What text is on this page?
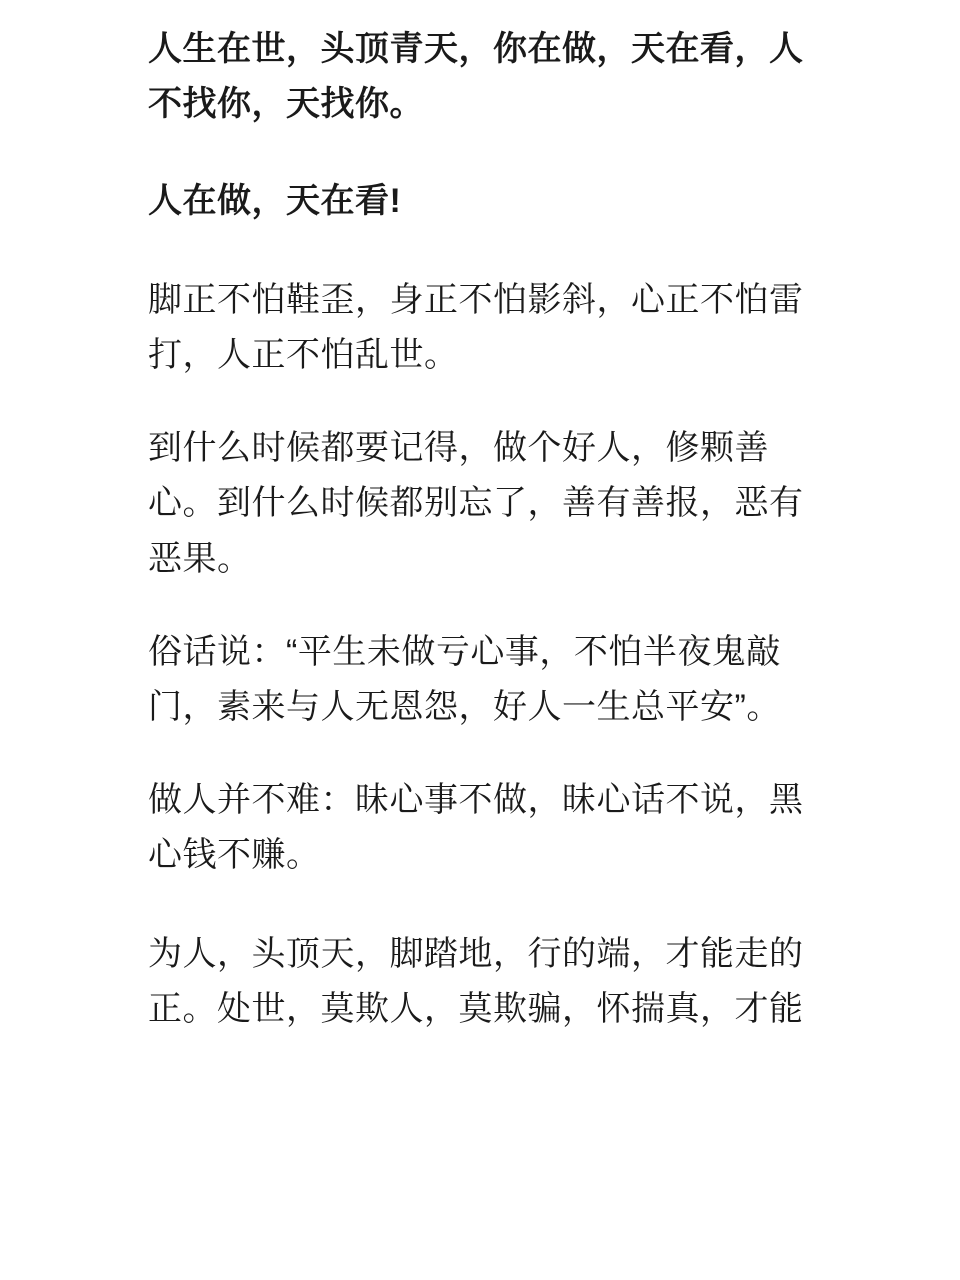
人生在世，头顶青天，你在做，天在看，人不找你，天找你。

人在做，天在看!

脚正不怕鞋歪，身正不怕影斜，心正不怕雷打，人正不怕乱世。

到什么时候都要记得，做个好人，修颗善心。到什么时候都别忘了，善有善报，恶有恶果。

俗话说：“平生未做亏心事，不怕半夜鬼敲门，素来与人无恩怨，好人一生总平安”。

做人并不难：昧心事不做，昧心话不说，黑心钱不赚。

为人，头顶天，脚踏地，行的端，才能走的正。处世，莫欺人，莫欺骗，怀揣真，才能
